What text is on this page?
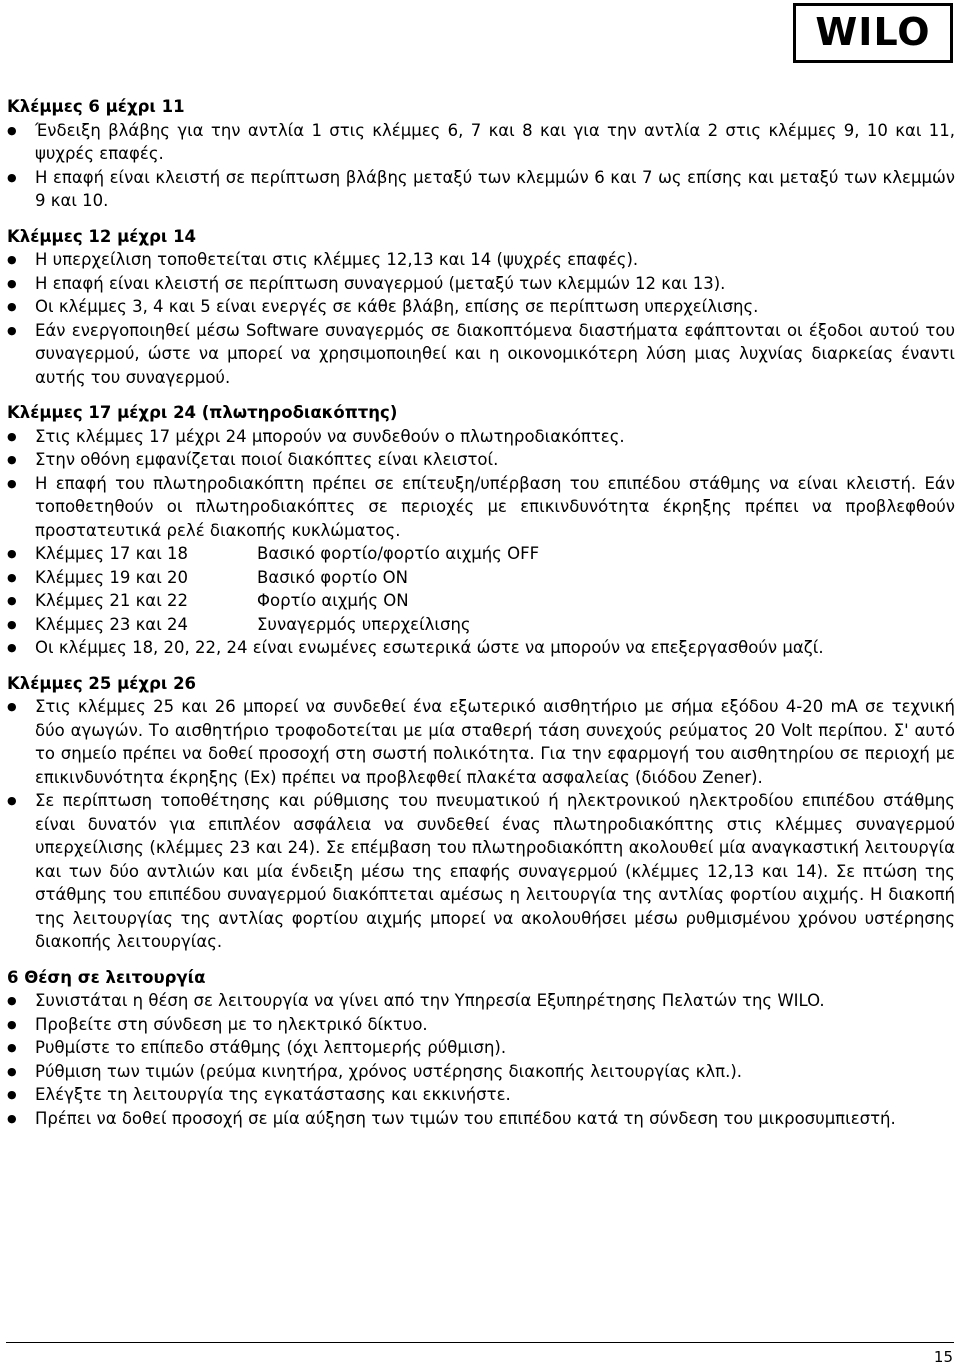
WILO
Κλέμμες 6 μέχρι 11
● Ένδειξη βλάβης για την αντλία 1 στις κλέμμες 6, 7 και 8 και για την αντλία 2 στις κλέμμες 9, 10 και 11, ψυχρές επαφές.
● Η επαφή είναι κλειστή σε περίπτωση βλάβης μεταξύ των κλεμμών 6 και 7 ως επίσης και μεταξύ των κλεμμών 9 και 10.
Κλέμμες 12 μέχρι 14
● Η υπερχείλιση τοποθετείται στις κλέμμες 12,13 και 14 (ψυχρές επαφές).
● Η επαφή είναι κλειστή σε περίπτωση συναγερμού (μεταξύ των κλεμμών 12 και 13).
● Οι κλέμμες 3, 4 και 5 είναι ενεργές σε κάθε βλάβη, επίσης σε περίπτωση υπερχείλισης.
● Εάν ενεργοποιηθεί μέσω Software συναγερμός σε διακοπτόμενα διαστήματα εφάπτονται οι έξοδοι αυτού του συναγερμού, ώστε να μπορεί να χρησιμοποιηθεί και η οικονομικότερη λύση μιας λυχνίας διαρκείας έναντι αυτής του συναγερμού.
Κλέμμες 17 μέχρι 24 (πλωτηροδιακόπτης)
● Στις κλέμμες 17 μέχρι 24 μπορούν να συνδεθούν ο πλωτηροδιακόπτες.
● Στην οθόνη εμφανίζεται ποιοί διακόπτες είναι κλειστοί.
● Η επαφή του πλωτηροδιακόπτη πρέπει σε επίτευξη/υπέρβαση του επιπέδου στάθμης να είναι κλειστή. Εάν τοποθετηθούν οι πλωτηροδιακόπτες σε περιοχές με επικινδυνότητα έκρηξης πρέπει να προβλεφθούν προστατευτικά ρελέ διακοπής κυκλώματος.
● Κλέμμες 17 και 18	Βασικό φορτίο/φορτίο αιχμής OFF
● Κλέμμες 19 και 20	Βασικό φορτίο ON
● Κλέμμες 21 και 22	Φορτίο αιχμής ON
● Κλέμμες 23 και 24	Συναγερμός υπερχείλισης
● Οι κλέμμες 18, 20, 22, 24 είναι ενωμένες εσωτερικά ώστε να μπορούν να επεξεργασθούν μαζί.
Κλέμμες 25 μέχρι 26
● Στις κλέμμες 25 και 26 μπορεί να συνδεθεί ένα εξωτερικό αισθητήριο με σήμα εξόδου 4-20 mA σε τεχνική δύο αγωγών. Το αισθητήριο τροφοδοτείται με μία σταθερή τάση συνεχούς ρεύματος 20 Volt περίπου. Σ' αυτό το σημείο πρέπει να δοθεί προσοχή στη σωστή πολικότητα. Για την εφαρμογή του αισθητηρίου σε περιοχή με επικινδυνότητα έκρηξης (Ex) πρέπει να προβλεφθεί πλακέτα ασφαλείας (διόδου Zener).
● Σε περίπτωση τοποθέτησης και ρύθμισης του πνευματικού ή ηλεκτρονικού ηλεκτροδίου επιπέδου στάθμης είναι δυνατόν για επιπλέον ασφάλεια να συνδεθεί ένας πλωτηροδιακόπτης στις κλέμμες συναγερμού υπερχείλισης (κλέμμες 23 και 24). Σε επέμβαση του πλωτηροδιακόπτη ακολουθεί μία αναγκαστική λειτουργία και των δύο αντλιών και μία ένδειξη μέσω της επαφής συναγερμού (κλέμμες 12,13 και 14). Σε πτώση της στάθμης του επιπέδου συναγερμού διακόπτεται αμέσως η λειτουργία της αντλίας φορτίου αιχμής. Η διακοπή της λειτουργίας της αντλίας φορτίου αιχμής μπορεί να ακολουθήσει μέσω ρυθμισμένου χρόνου υστέρησης διακοπής λειτουργίας.
6 Θέση σε λειτουργία
● Συνιστάται η θέση σε λειτουργία να γίνει από την Υπηρεσία Εξυπηρέτησης Πελατών της WILO.
● Προβείτε στη σύνδεση με το ηλεκτρικό δίκτυο.
● Ρυθμίστε το επίπεδο στάθμης (όχι λεπτομερής ρύθμιση).
● Ρύθμιση των τιμών (ρεύμα κινητήρα, χρόνος υστέρησης διακοπής λειτουργίας κλπ.).
● Ελέγξτε τη λειτουργία της εγκατάστασης και εκκινήστε.
● Πρέπει να δοθεί προσοχή σε μία αύξηση των τιμών του επιπέδου κατά τη σύνδεση του μικροσυμπιεστή.
15
